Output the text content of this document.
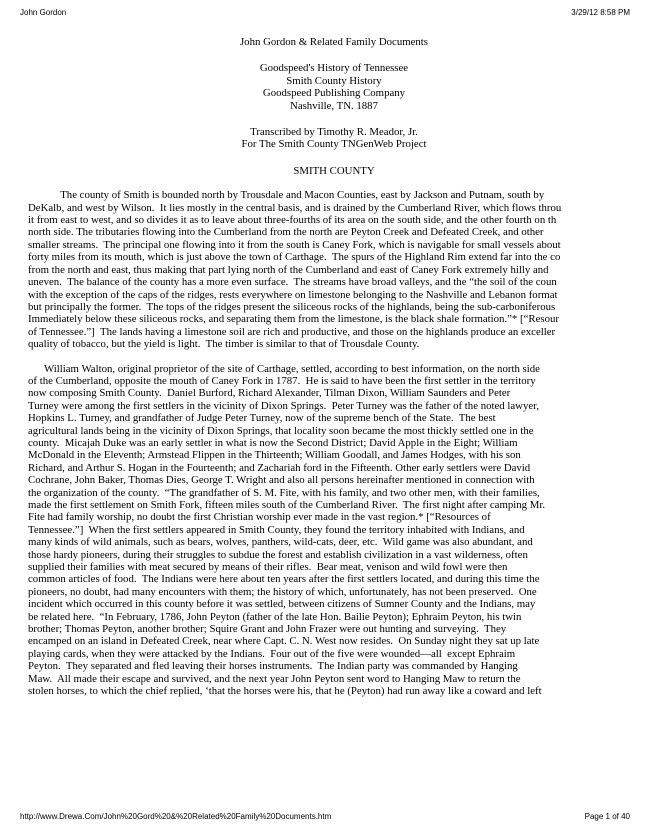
John Gordon	3/29/12 8:58 PM
John Gordon & Related Family Documents
Goodspeed's History of Tennessee
Smith County History
Goodspeed Publishing Company
Nashville, TN. 1887
Transcribed by Timothy R. Meador, Jr.
For The Smith County TNGenWeb Project
SMITH COUNTY
The county of Smith is bounded north by Trousdale and Macon Counties, east by Jackson and Putnam, south by
DeKalb, and west by Wilson.  It lies mostly in the central basis, and is drained by the Cumberland River, which flows throu
it from east to west, and so divides it as to leave about three-fourths of its area on the south side, and the other fourth on th
north side. The tributaries flowing into the Cumberland from the north are Peyton Creek and Defeated Creek, and other
smaller streams.  The principal one flowing into it from the south is Caney Fork, which is navigable for small vessels about
forty miles from its mouth, which is just above the town of Carthage.  The spurs of the Highland Rim extend far into the co
from the north and east, thus making that part lying north of the Cumberland and east of Caney Fork extremely hilly and
uneven.  The balance of the county has a more even surface.  The streams have broad valleys, and the “the soil of the coun
with the exception of the caps of the ridges, rests everywhere on limestone belonging to the Nashville and Lebanon format
but principally the former.  The tops of the ridges present the siliceous rocks of the highlands, being the sub-carboniferous
Immediately below these siliceous rocks, and separating them from the limestone, is the black shale formation.”* [“Resour
of Tennessee.”]  The lands having a limestone soil are rich and productive, and those on the highlands produce an exceller
quality of tobacco, but the yield is light.  The timber is similar to that of Trousdale County.
William Walton, original proprietor of the site of Carthage, settled, according to best information, on the north side
of the Cumberland, opposite the mouth of Caney Fork in 1787.  He is said to have been the first settler in the territory
now composing Smith County.  Daniel Burford, Richard Alexander, Tilman Dixon, William Saunders and Peter
Turney were among the first settlers in the vicinity of Dixon Springs.  Peter Turney was the father of the noted lawyer,
Hopkins L. Turney, and grandfather of Judge Peter Turney, now of the supreme bench of the State.  The best
agricultural lands being in the vicinity of Dixon Springs, that locality soon became the most thickly settled one in the
county.  Micajah Duke was an early settler in what is now the Second District; David Apple in the Eight; William
McDonald in the Eleventh; Armstead Flippen in the Thirteenth; William Goodall, and James Hodges, with his son
Richard, and Arthur S. Hogan in the Fourteenth; and Zachariah ford in the Fifteenth. Other early settlers were David
Cochrane, John Baker, Thomas Dies, George T. Wright and also all persons hereinafter mentioned in connection with
the organization of the county.  “The grandfather of S. M. Fite, with his family, and two other men, with their families,
made the first settlement on Smith Fork, fifteen miles south of the Cumberland River.  The first night after camping Mr.
Fite had family worship, no doubt the first Christian worship ever made in the vast region.* [“Resources of
Tennessee.”]  When the first settlers appeared in Smith County, they found the territory inhabited with Indians, and
many kinds of wild animals, such as bears, wolves, panthers, wild-cats, deer, etc.  Wild game was also abundant, and
those hardy pioneers, during their struggles to subdue the forest and establish civilization in a vast wilderness, often
supplied their families with meat secured by means of their rifles.  Bear meat, venison and wild fowl were then
common articles of food.  The Indians were here about ten years after the first settlers located, and during this time the
pioneers, no doubt, had many encounters with them; the history of which, unfortunately, has not been preserved.  One
incident which occurred in this county before it was settled, between citizens of Sumner County and the Indians, may
be related here.  “In February, 1786, John Peyton (father of the late Hon. Bailie Peyton); Ephraim Peyton, his twin
brother; Thomas Peyton, another brother; Squire Grant and John Frazer were out hunting and surveying.  They
encamped on an island in Defeated Creek, near where Capt. C. N. West now resides.  On Sunday night they sat up late
playing cards, when they were attacked by the Indians.  Four out of the five were wounded—all  except Ephraim
Peyton.  They separated and fled leaving their horses instruments.  The Indian party was commanded by Hanging
Maw.  All made their escape and survived, and the next year John Peyton sent word to Hanging Maw to return the
stolen horses, to which the chief replied, ‘that the horses were his, that he (Peyton) had run away like a coward and left
http://www.Drewa.Com/John%20Gord%20&%20Related%20Family%20Documents.htm	Page 1 of 40
